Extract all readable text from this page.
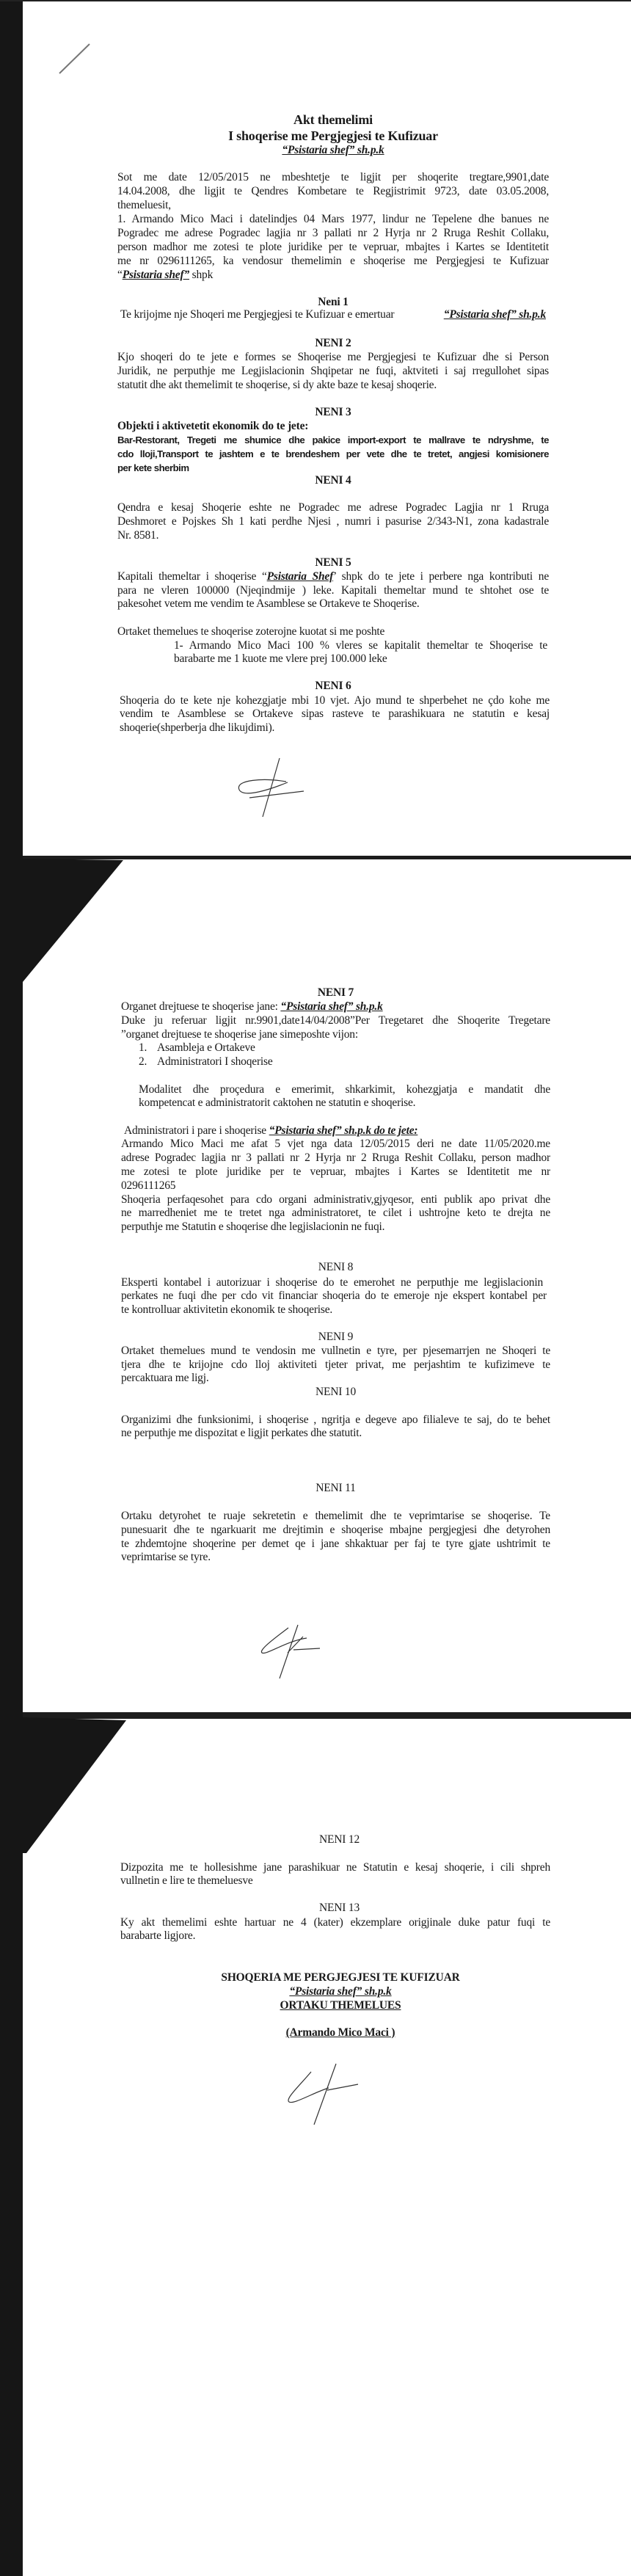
Akt themelimi
I shoqerise me Pergjegjesi te Kufizuar
“Psistaria shef” sh.p.k
Sot me date 12/05/2015 ne mbeshtetje te ligjit per shoqerite tregtare,9901,date
14.04.2008, dhe ligjit te Qendres Kombetare te Regjistrimit 9723, date 03.05.2008,
themeluesit,
1. Armando Mico Maci i datelindjes 04 Mars 1977, lindur ne Tepelene dhe banues ne
Pogradec me adrese Pogradec lagjia nr 3 pallati nr 2 Hyrja nr 2 Rruga Reshit Collaku,
person madhor me zotesi te plote juridike per te vepruar, mbajtes i Kartes se Identitetit
me nr 0296111265, ka vendosur themelimin e shoqerise me Pergjegjesi te Kufizuar
“Psistaria shef” shpk
Neni 1
Te krijojme nje Shoqeri me Pergjegjesi te Kufizuar e emertuar	“Psistaria shef” sh.p.k
NENI 2
Kjo shoqeri do te jete e formes se Shoqerise me Pergjegjesi te Kufizuar dhe si Person
Juridik, ne perputhje me Legjislacionin Shqipetar ne fuqi, aktviteti i saj rregullohet sipas
statutit dhe akt themelimit te shoqerise, si dy akte baze te kesaj shoqerie.
NENI 3
Objekti i aktivetetit ekonomik do te jete:
Bar-Restorant, Tregeti me shumice dhe pakice import-export te mallrave te ndryshme, te
cdo lloji,Transport te jashtem e te brendeshem per vete dhe te tretet, angjesi komisionere
per kete sherbim
NENI 4
Qendra e kesaj Shoqerie eshte ne Pogradec me adrese Pogradec Lagjia nr 1 Rruga
Deshmoret e Pojskes Sh 1 kati perdhe Njesi , numri i pasurise 2/343-N1, zona kadastrale
Nr. 8581.
NENI 5
Kapitali themeltar i shoqerise “Psistaria Shef’ shpk do te jete i perbere nga kontributi ne
para ne vleren 100000 (Njeqindmije ) leke. Kapitali themeltar mund te shtohet ose te
pakesohet vetem me vendim te Asamblese se Ortakeve te Shoqerise.
Ortaket themelues te shoqerise zoterojne kuotat si me poshte
1- Armando Mico Maci 100 % vleres se kapitalit themeltar te Shoqerise te
barabarte me 1 kuote me vlere prej 100.000 leke
NENI 6
Shoqeria do te kete nje kohezgjatje mbi 10 vjet. Ajo mund te shperbehet ne çdo kohe me
vendim te Asamblese se Ortakeve sipas rasteve te parashikuara ne statutin e kesaj
shoqerie(shperberja dhe likujdimi).
NENI 7
Organet drejtuese te shoqerise jane: “Psistaria shef” sh.p.k
Duke ju referuar ligjit nr.9901,date14/04/2008”Per Tregetaret dhe Shoqerite Tregetare
”organet drejtuese te shoqerise jane simeposhte vijon:
1. Asambleja e Ortakeve
2. Administratori I shoqerise
Modalitet dhe proçedura e emerimit, shkarkimit, kohezgjatja e mandatit dhe
kompetencat e administratorit caktohen ne statutin e shoqerise.
Administratori i pare i shoqerise “Psistaria shef” sh.p.k do te jete:
Armando Mico Maci me afat 5 vjet nga data 12/05/2015 deri ne date 11/05/2020.me
adrese Pogradec lagjia nr 3 pallati nr 2 Hyrja nr 2 Rruga Reshit Collaku, person madhor
me zotesi te plote juridike per te vepruar, mbajtes i Kartes se Identitetit me nr
0296111265
Shoqeria perfaqesohet para cdo organi administrativ,gjyqesor, enti publik apo privat dhe
ne marredheniet me te tretet nga administratoret, te cilet i ushtrojne keto te drejta ne
perputhje me Statutin e shoqerise dhe legjislacionin ne fuqi.
NENI 8
Eksperti kontabel i autorizuar i shoqerise do te emerohet ne perputhje me legjislacionin
perkates ne fuqi dhe per cdo vit financiar shoqeria do te emeroje nje ekspert kontabel per
te kontrolluar aktivitetin ekonomik te shoqerise.
NENI 9
Ortaket themelues mund te vendosin me vullnetin e tyre, per pjesemarrjen ne Shoqeri te
tjera dhe te krijojne cdo lloj aktiviteti tjeter privat, me perjashtim te kufizimeve te
percaktuara me ligj.
NENI 10
Organizimi dhe funksionimi, i shoqerise , ngritja e degeve apo filialeve te saj, do te behet
ne perputhje me dispozitat e ligjit perkates dhe statutit.
NENI 11
Ortaku detyrohet te ruaje sekretetin e themelimit dhe te veprimtarise se shoqerise. Te
punesuarit dhe te ngarkuarit me drejtimin e shoqerise mbajne pergjegjesi dhe detyrohen
te zhdemtojne shoqerine per demet qe i jane shkaktuar per faj te tyre gjate ushtrimit te
veprimtarise se tyre.
NENI 12
Dizpozita me te hollesishme jane parashikuar ne Statutin e kesaj shoqerie, i cili shpreh
vullnetin e lire te themeluesve
NENI 13
Ky akt themelimi eshte hartuar ne 4 (kater) ekzemplare origjinale duke patur fuqi te
barabarte ligjore.
SHOQERIA ME PERGJEGJESI TE KUFIZUAR
“Psistaria shef” sh.p.k
ORTAKU THEMELUES
(Armando Mico Maci )
